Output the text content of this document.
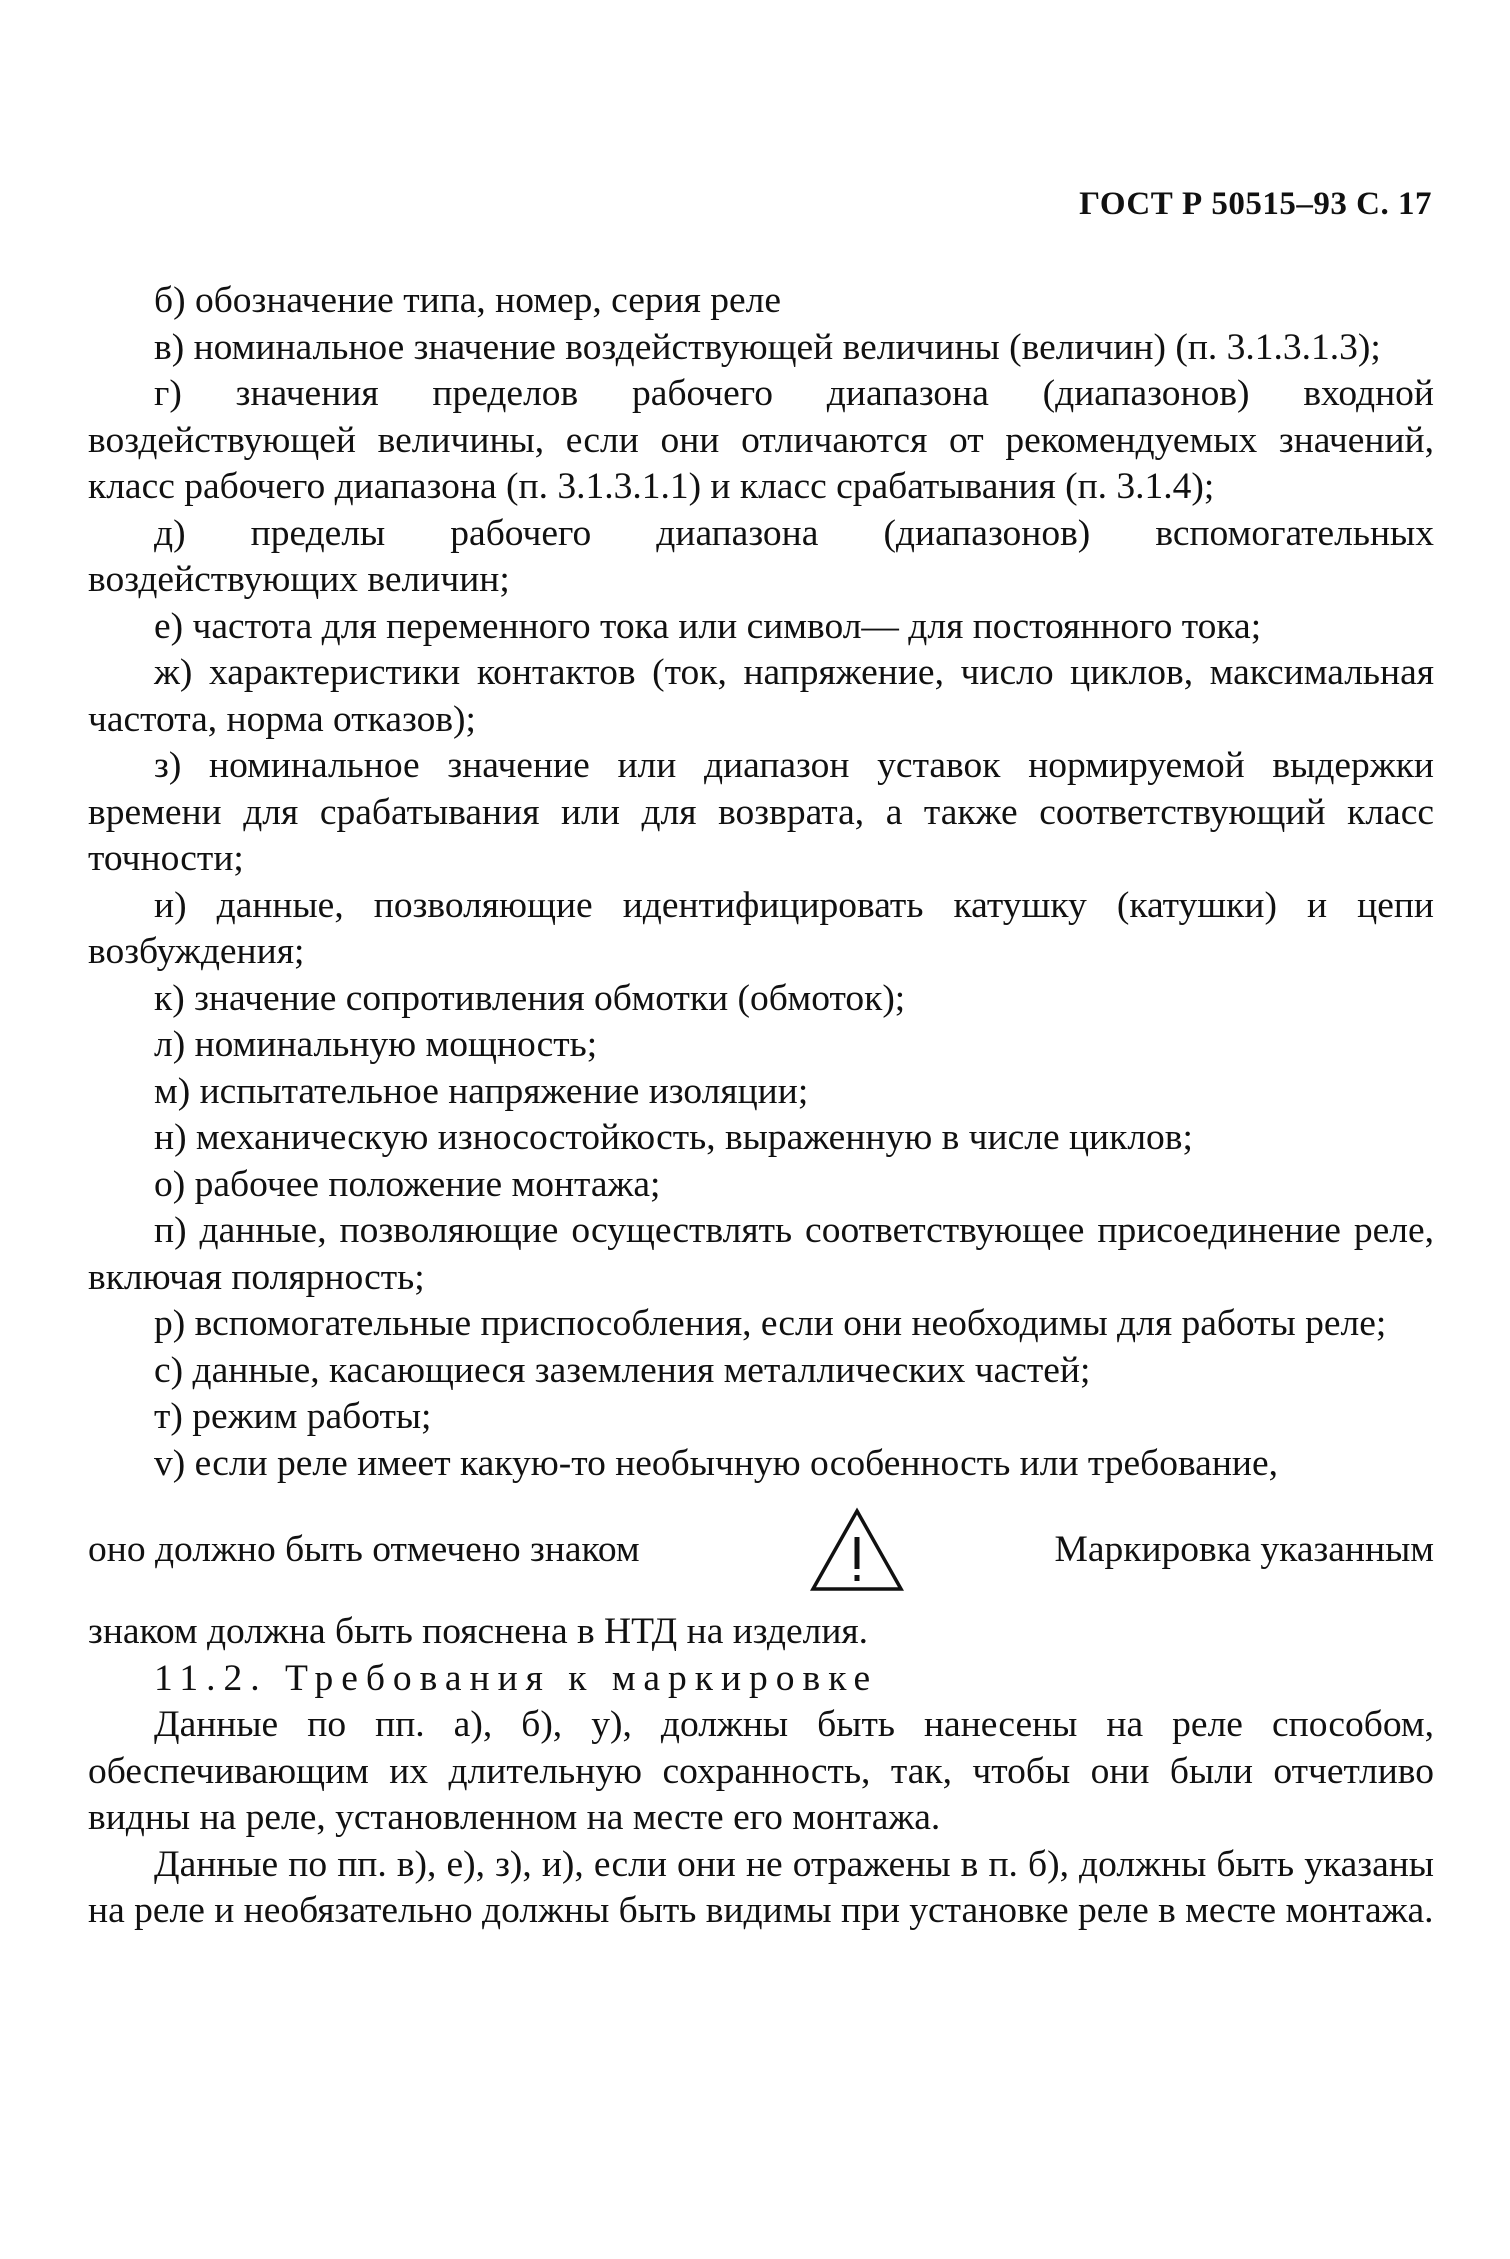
ГОСТ Р 50515–93 С. 17

б) обозначение типа, номер, серия реле

в) номинальное значение воздействующей величины (величин) (п. 3.1.3.1.3);

г) значения пределов рабочего диапазона (диапазонов) входной воздействующей величины, если они отличаются от рекомендуемых значений, класс рабочего диапазона (п. 3.1.3.1.1) и класс срабатывания (п. 3.1.4);

д) пределы рабочего диапазона (диапазонов) вспомогательных воздействующих величин;

е) частота для переменного тока или символ— для постоянного тока;

ж) характеристики контактов (ток, напряжение, число циклов, максимальная частота, норма отказов);

з) номинальное значение или диапазон уставок нормируемой выдержки времени для срабатывания или для возврата, а также соответствующий класс точности;

и) данные, позволяющие идентифицировать катушку (катушки) и цепи возбуждения;

к) значение сопротивления обмотки (обмоток);

л) номинальную мощность;

м) испытательное напряжение изоляции;

н) механическую износостойкость, выраженную в числе циклов;

о) рабочее положение монтажа;

п) данные, позволяющие осуществлять соответствующее присоединение реле, включая полярность;

р) вспомогательные приспособления, если они необходимы для работы реле;

с) данные, касающиеся заземления металлических частей;

т) режим работы;

v) если реле имеет какую-то необычную особенность или требование,

оно должно быть отмечено знаком	Маркировка указанным

знаком должна быть пояснена в НТД на изделия.

11.2. Требования к маркировке

Данные по пп. а), б), у), должны быть нанесены на реле способом, обеспечивающим их длительную сохранность, так, чтобы они были отчетливо видны на реле, установленном на месте его монтажа.

Данные по пп. в), е), з), и), если они не отражены в п. б), должны быть указаны на реле и необязательно должны быть видимы при установке реле в месте монтажа.
